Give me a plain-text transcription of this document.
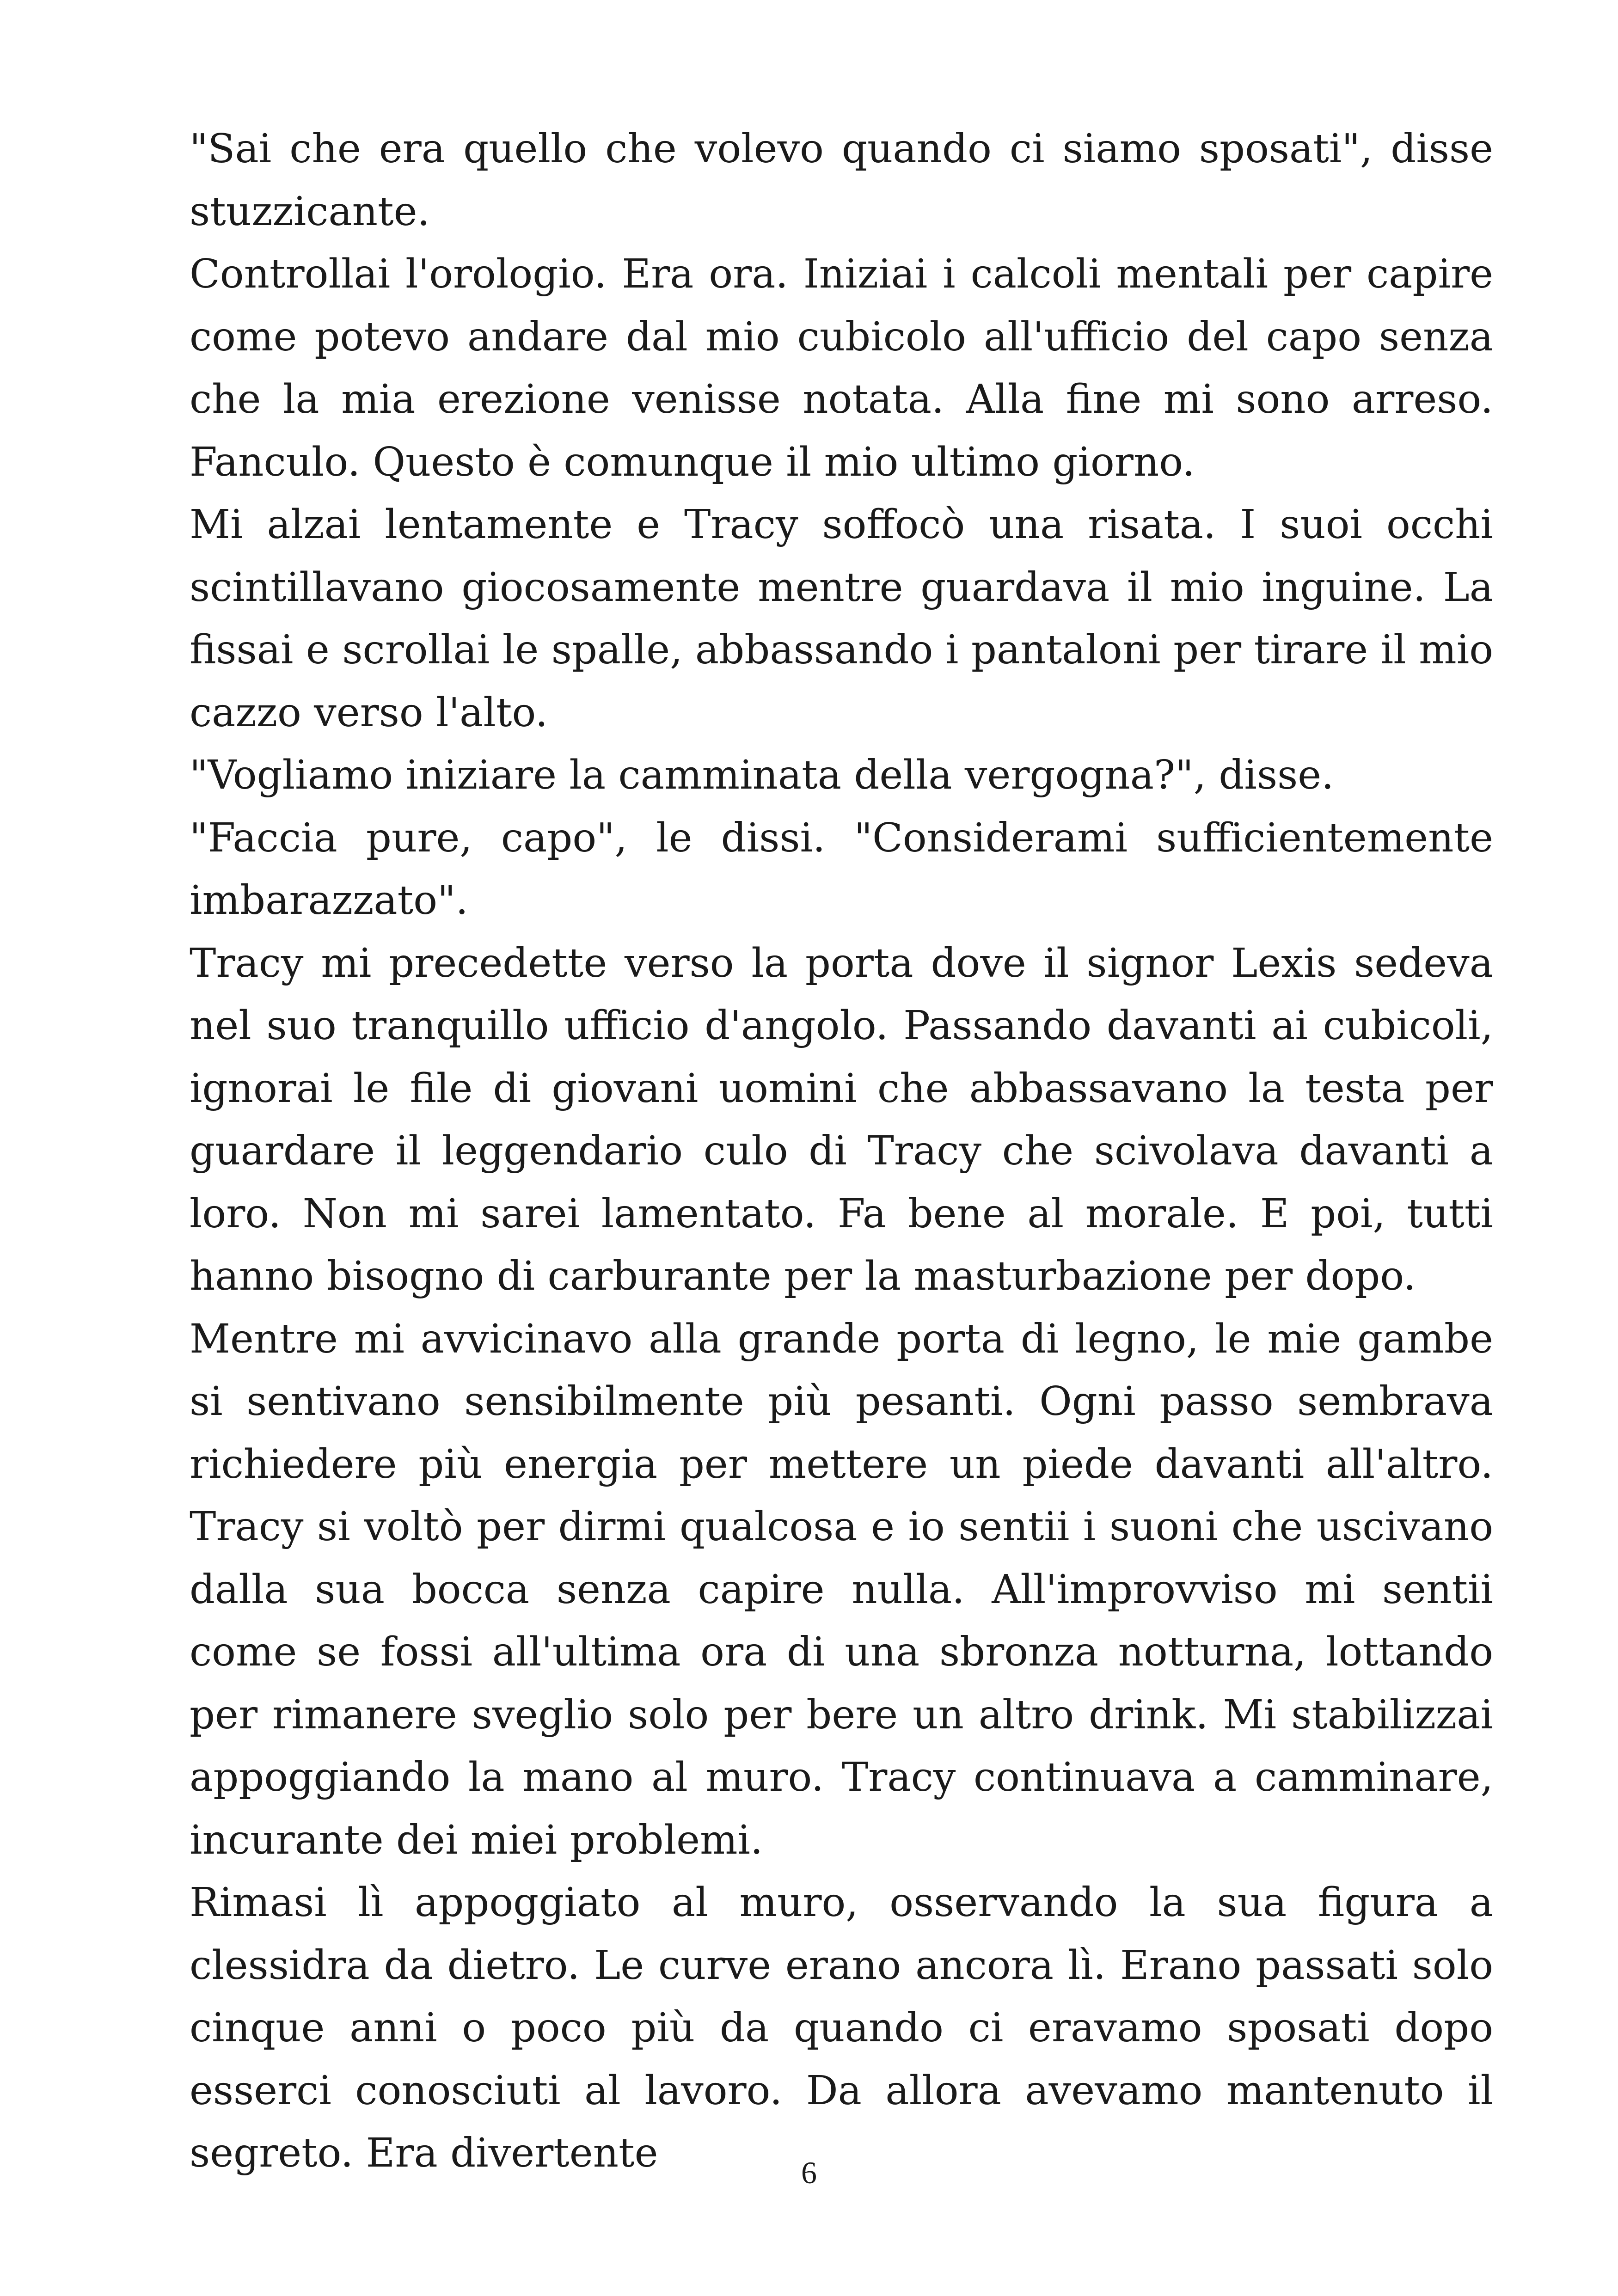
"Sai che era quello che volevo quando ci siamo sposati", disse stuzzicante.

Controllai l'orologio. Era ora. Iniziai i calcoli mentali per capire come potevo andare dal mio cubicolo all'ufficio del capo senza che la mia erezione venisse notata. Alla fine mi sono arreso. Fanculo. Questo è comunque il mio ultimo giorno.

Mi alzai lentamente e Tracy soffocò una risata. I suoi occhi scintillavano giocosamente mentre guardava il mio inguine. La fissai e scrollai le spalle, abbassando i pantaloni per tirare il mio cazzo verso l'alto.

"Vogliamo iniziare la camminata della vergogna?", disse.

"Faccia pure, capo", le dissi. "Considerami sufficientemente imbarazzato".

Tracy mi precedette verso la porta dove il signor Lexis sedeva nel suo tranquillo ufficio d'angolo. Passando davanti ai cubicoli, ignorai le file di giovani uomini che abbassavano la testa per guardare il leggendario culo di Tracy che scivolava davanti a loro. Non mi sarei lamentato. Fa bene al morale. E poi, tutti hanno bisogno di carburante per la masturbazione per dopo.

Mentre mi avvicinavo alla grande porta di legno, le mie gambe si sentivano sensibilmente più pesanti. Ogni passo sembrava richiedere più energia per mettere un piede davanti all'altro. Tracy si voltò per dirmi qualcosa e io sentii i suoni che uscivano dalla sua bocca senza capire nulla. All'improvviso mi sentii come se fossi all'ultima ora di una sbronza notturna, lottando per rimanere sveglio solo per bere un altro drink. Mi stabilizzai appoggiando la mano al muro. Tracy continuava a camminare, incurante dei miei problemi.

Rimasi lì appoggiato al muro, osservando la sua figura a clessidra da dietro. Le curve erano ancora lì. Erano passati solo cinque anni o poco più da quando ci eravamo sposati dopo esserci conosciuti al lavoro. Da allora avevamo mantenuto il segreto. Era divertente	6
